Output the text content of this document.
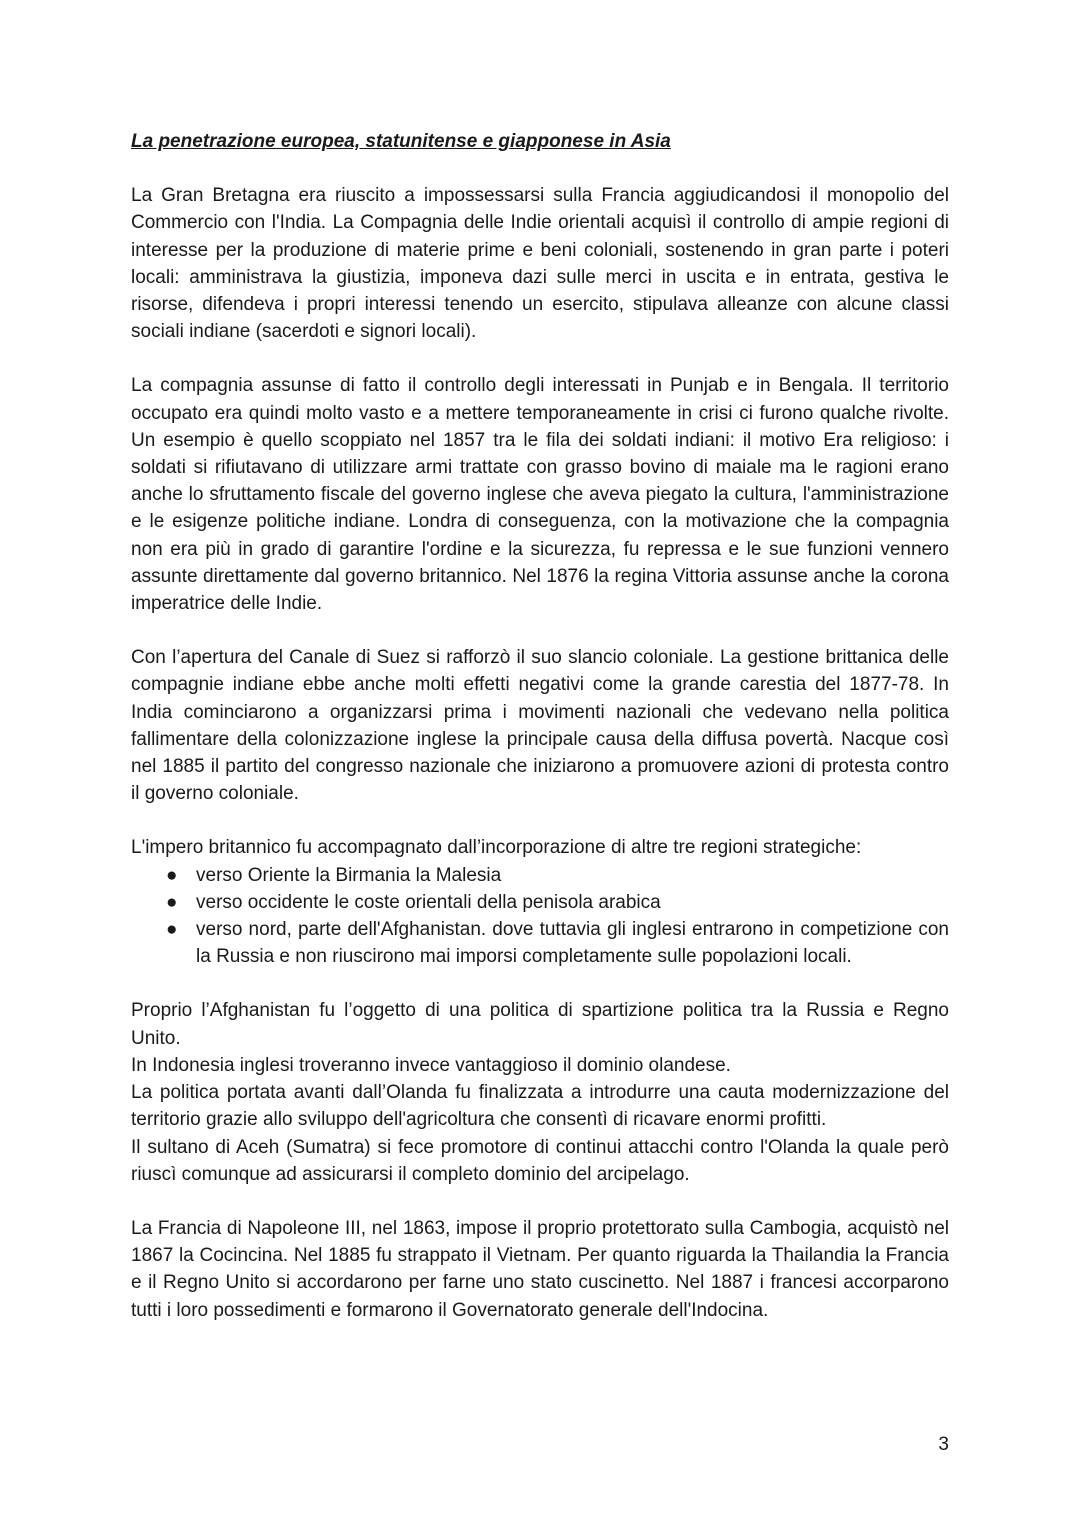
La penetrazione europea, statunitense e giapponese in Asia

La Gran Bretagna era riuscito a impossessarsi sulla Francia aggiudicandosi il monopolio del Commercio con l'India. La Compagnia delle Indie orientali acquisì il controllo di ampie regioni di interesse per la produzione di materie prime e beni coloniali, sostenendo in gran parte i poteri locali: amministrava la giustizia, imponeva dazi sulle merci in uscita e in entrata, gestiva le risorse, difendeva i propri interessi tenendo un esercito, stipulava alleanze con alcune classi sociali indiane (sacerdoti e signori locali).

La compagnia assunse di fatto il controllo degli interessati in Punjab e in Bengala. Il territorio occupato era quindi molto vasto e a mettere temporaneamente in crisi ci furono qualche rivolte. Un esempio è quello scoppiato nel 1857 tra le fila dei soldati indiani: il motivo Era religioso: i soldati si rifiutavano di utilizzare armi trattate con grasso bovino di maiale ma le ragioni erano anche lo sfruttamento fiscale del governo inglese che aveva piegato la cultura, l'amministrazione e le esigenze politiche indiane. Londra di conseguenza, con la motivazione che la compagnia non era più in grado di garantire l'ordine e la sicurezza, fu repressa e le sue funzioni vennero assunte direttamente dal governo britannico. Nel 1876 la regina Vittoria assunse anche la corona imperatrice delle Indie.

Con l’apertura del Canale di Suez si rafforzò il suo slancio coloniale. La gestione brittanica delle compagnie indiane ebbe anche molti effetti negativi come la grande carestia del 1877-78. In India cominciarono a organizzarsi prima i movimenti nazionali che vedevano nella politica fallimentare della colonizzazione inglese la principale causa della diffusa povertà. Nacque così nel 1885 il partito del congresso nazionale che iniziarono a promuovere azioni di protesta contro il governo coloniale.

L'impero britannico fu accompagnato dall’incorporazione di altre tre regioni strategiche:

● verso Oriente la Birmania la Malesia
● verso occidente le coste orientali della penisola arabica
● verso nord, parte dell'Afghanistan. dove tuttavia gli inglesi entrarono in competizione con la Russia e non riuscirono mai imporsi completamente sulle popolazioni locali.

Proprio l’Afghanistan fu l’oggetto di una politica di spartizione politica tra la Russia e Regno Unito.

In Indonesia inglesi troveranno invece vantaggioso il dominio olandese.

La politica portata avanti dall’Olanda fu finalizzata a introdurre una cauta modernizzazione del territorio grazie allo sviluppo dell'agricoltura che consentì di ricavare enormi profitti.

Il sultano di Aceh (Sumatra) si fece promotore di continui attacchi contro l'Olanda la quale però riuscì comunque ad assicurarsi il completo dominio del arcipelago.

La Francia di Napoleone III, nel 1863, impose il proprio protettorato sulla Cambogia, acquistò nel 1867 la Cocincina. Nel 1885 fu strappato il Vietnam. Per quanto riguarda la Thailandia la Francia e il Regno Unito si accordarono per farne uno stato cuscinetto. Nel 1887 i francesi accorparono tutti i loro possedimenti e formarono il Governatorato generale dell'Indocina.

3
